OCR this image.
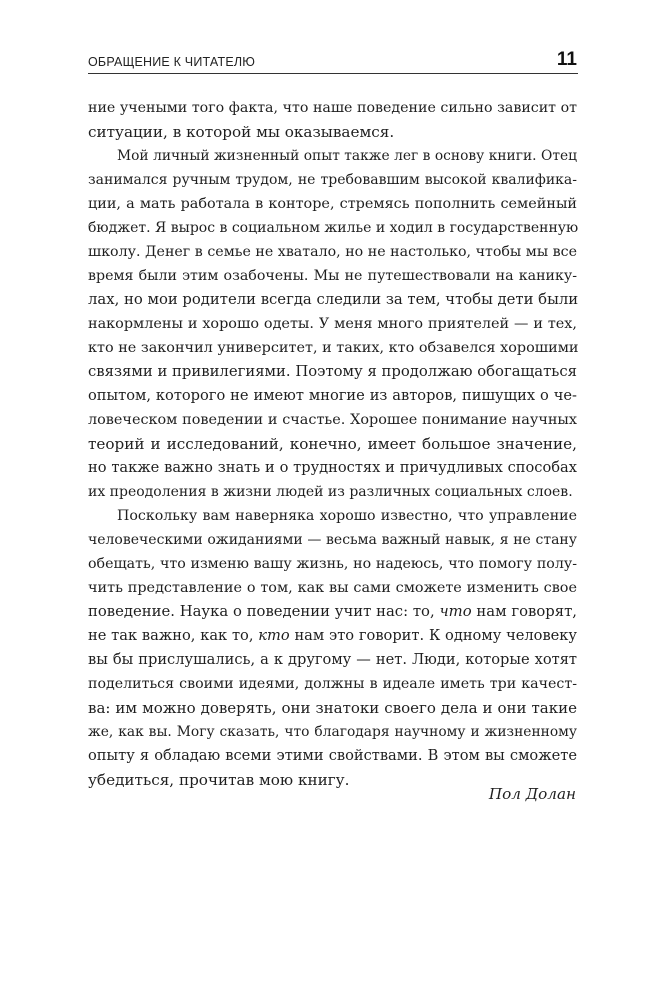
ОБРАЩЕНИЕ К ЧИТАТЕЛЮ	11
ние учеными того факта, что наше поведение сильно зависит от
ситуации, в которой мы оказываемся.
Мой личный жизненный опыт также лег в основу книги. Отец
занимался ручным трудом, не требовавшим высокой квалифика-
ции, а мать работала в конторе, стремясь пополнить семейный
бюджет. Я вырос в социальном жилье и ходил в государственную
школу. Денег в семье не хватало, но не настолько, чтобы мы все
время были этим озабочены. Мы не путешествовали на канику-
лах, но мои родители всегда следили за тем, чтобы дети были
накормлены и хорошо одеты. У меня много приятелей — и тех,
кто не закончил университет, и таких, кто обзавелся хорошими
связями и привилегиями. Поэтому я продолжаю обогащаться
опытом, которого не имеют многие из авторов, пишущих о че-
ловеческом поведении и счастье. Хорошее понимание научных
теорий и исследований, конечно, имеет большое значение,
но также важно знать и о трудностях и причудливых способах
их преодоления в жизни людей из различных социальных слоев.
Поскольку вам наверняка хорошо известно, что управление
человеческими ожиданиями — весьма важный навык, я не стану
обещать, что изменю вашу жизнь, но надеюсь, что помогу полу-
чить представление о том, как вы сами сможете изменить свое
поведение. Наука о поведении учит нас: то, что нам говорят,
не так важно, как то, кто нам это говорит. К одному человеку
вы бы прислушались, а к другому — нет. Люди, которые хотят
поделиться своими идеями, должны в идеале иметь три качест-
ва: им можно доверять, они знатоки своего дела и они такие
же, как вы. Могу сказать, что благодаря научному и жизненному
опыту я обладаю всеми этими свойствами. В этом вы сможете
убедиться, прочитав мою книгу.
Пол Долан
